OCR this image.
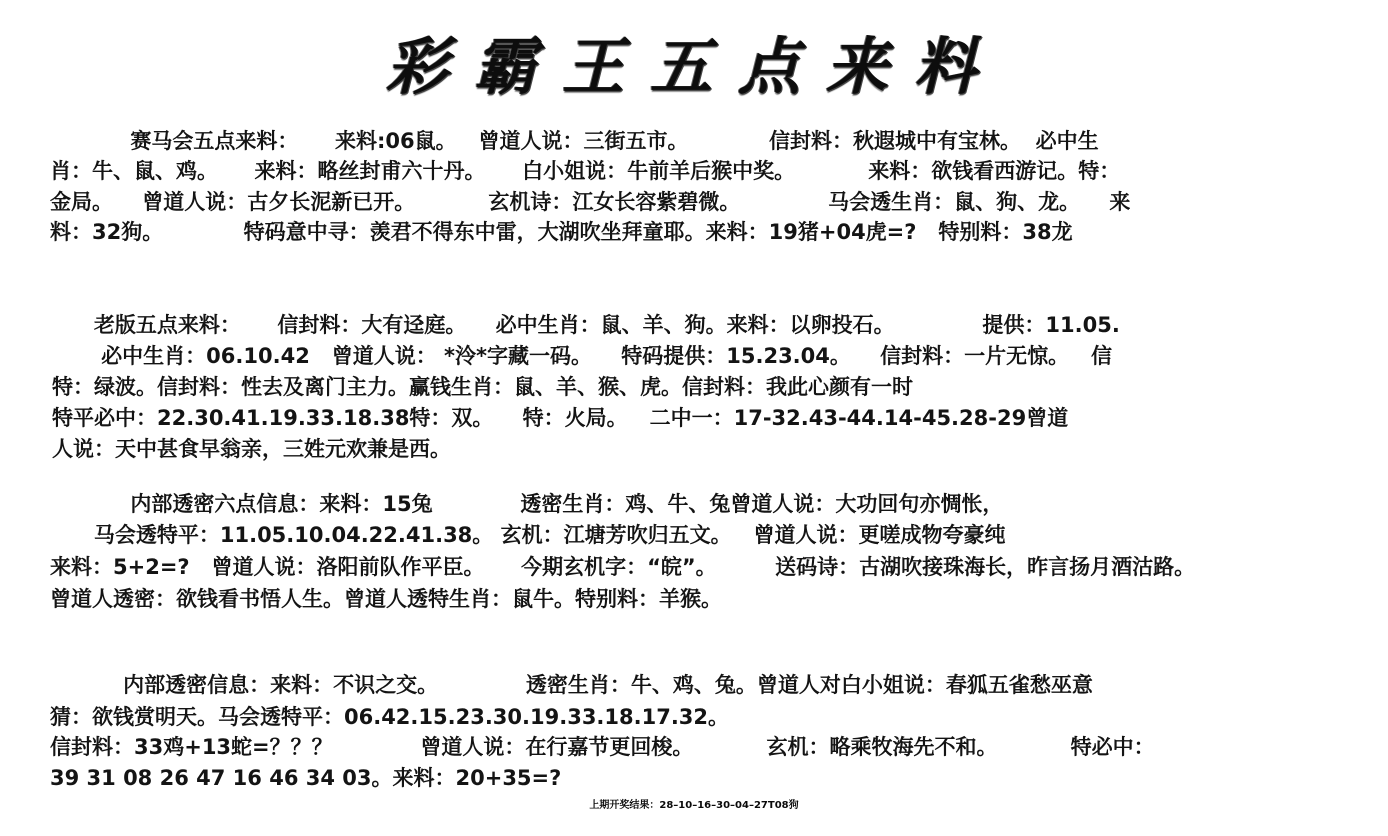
彩霸王五点来料
赛马会五点来料：     来料:06鼠。   曾道人说：三街五市。           信封料：秋遐城中有宝林。  必中生
肖：牛、鼠、鸡。     来料：略丝封甫六十丹。     白小姐说：牛前羊后猴中奖。          来料：欲钱看西游记。特：
金局。    曾道人说：古夕长泥新已开。          玄机诗：江女长容紫碧微。            马会透生肖：鼠、狗、龙。    来
料：32狗。           特码意中寻：羡君不得东中雷，大湖吹坐拜童耶。来料：19猪+04虎=?   特别料：38龙
老版五点来料：     信封料：大有迳庭。    必中生肖：鼠、羊、狗。来料：以卵投石。            提供：11.05.
必中生肖：06.10.42   曾道人说： *泠*字藏一码。    特码提供：15.23.04。    信封料：一片无惊。   信
特：绿波。信封料：性去及离门主力。赢钱生肖：鼠、羊、猴、虎。信封料：我此心颜有一时
特平必中：22.30.41.19.33.18.38特：双。    特：火局。   二中一：17-32.43-44.14-45.28-29曾道
人说：天中甚食早翁亲，三姓元欢兼是西。
内部透密六点信息：来料：15兔            透密生肖：鸡、牛、兔曾道人说：大功回句亦惆怅，
马会透特平：11.05.10.04.22.41.38。 玄机：江塘芳吹归五文。   曾道人说：更嗟成物夸豪纯
来料：5+2=?   曾道人说：洛阳前队作平臣。     今期玄机字：“皖”。        送码诗：古湖吹接珠海长，昨言扬月酒沽路。
曾道人透密：欲钱看书悟人生。曾道人透特生肖：鼠牛。特别料：羊猴。
内部透密信息：来料：不识之交。            透密生肖：牛、鸡、兔。曾道人对白小姐说：春狐五雀愁巫意
猜：欲钱赏明天。马会透特平：06.42.15.23.30.19.33.18.17.32。
信封料：33鸡+13蛇=？？？            曾道人说：在行嘉节更回梭。          玄机：略乘牧海先不和。          特必中：
39 31 08 26 47 16 46 34 03。来料：20+35=?
上期开奖结果：28–10–16–30–04–27T08狗
